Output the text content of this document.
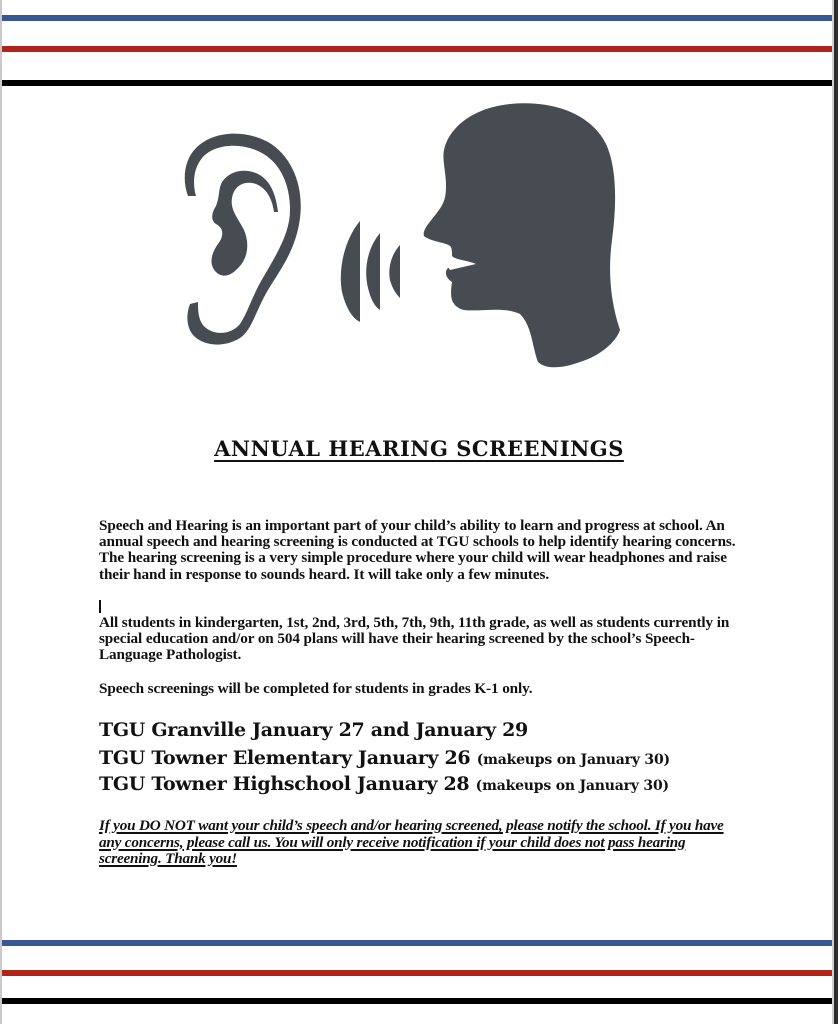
ANNUAL HEARING SCREENINGS

Speech and Hearing is an important part of your child’s ability to learn and progress at school. An annual speech and hearing screening is conducted at TGU schools to help identify hearing concerns. The hearing screening is a very simple procedure where your child will wear headphones and raise their hand in response to sounds heard. It will take only a few minutes.

All students in kindergarten, 1st, 2nd, 3rd, 5th, 7th, 9th, 11th grade, as well as students currently in special education and/or on 504 plans will have their hearing screened by the school’s Speech-Language Pathologist.

Speech screenings will be completed for students in grades K-1 only.

TGU Granville January 27 and January 29
TGU Towner Elementary January 26 (makeups on January 30)
TGU Towner Highschool January 28 (makeups on January 30)

If you DO NOT want your child’s speech and/or hearing screened, please notify the school. If you have any concerns, please call us. You will only receive notification if your child does not pass hearing screening. Thank you!
